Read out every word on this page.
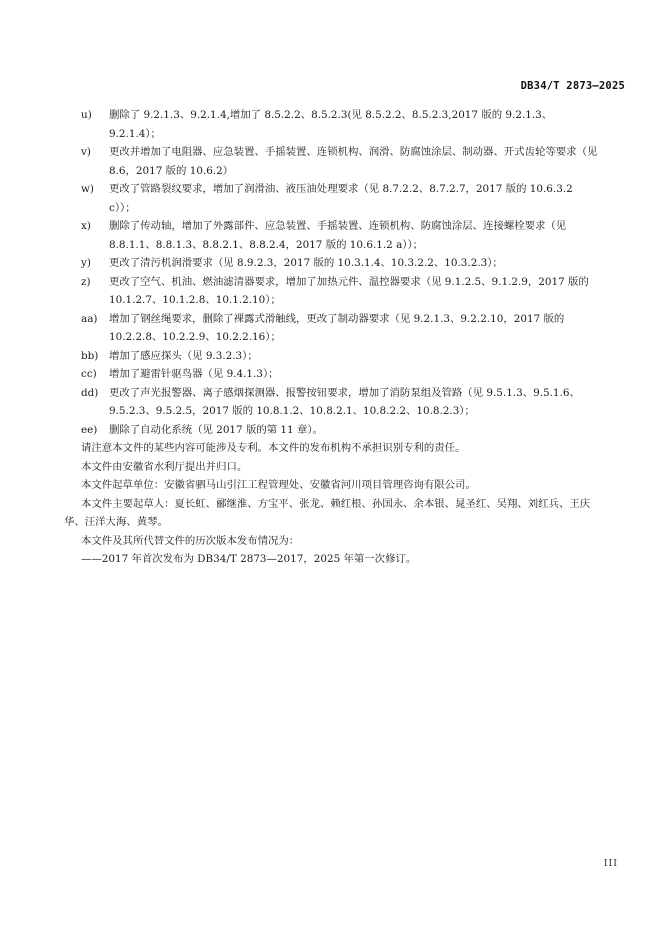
DB34/T 2873—2025
u)	删除了 9.2.1.3、9.2.1.4,增加了 8.5.2.2、8.5.2.3(见 8.5.2.2、8.5.2.3,2017 版的 9.2.1.3、9.2.1.4）；
v)	更改并增加了电阻器、应急装置、手摇装置、连锁机构、润滑、防腐蚀涂层、制动器、开式齿轮等要求（见 8.6，2017 版的 10.6.2）
w)	更改了管路裂纹要求，增加了润滑油、液压油处理要求（见 8.7.2.2、8.7.2.7，2017 版的 10.6.3.2 c））；
x)	删除了传动轴，增加了外露部件、应急装置、手摇装置、连锁机构、防腐蚀涂层、连接螺栓要求（见 8.8.1.1、8.8.1.3、8.8.2.1、8.8.2.4，2017 版的 10.6.1.2 a））；
y)	更改了清污机润滑要求（见 8.9.2.3，2017 版的 10.3.1.4、10.3.2.2、10.3.2.3）；
z)	更改了空气、机油、燃油滤清器要求，增加了加热元件、温控器要求（见 9.1.2.5、9.1.2.9，2017 版的 10.1.2.7、10.1.2.8、10.1.2.10）；
aa)	增加了钢丝绳要求，删除了裸露式滑触线，更改了制动器要求（见 9.2.1.3、9.2.2.10，2017 版的 10.2.2.8、10.2.2.9、10.2.2.16）；
bb)	增加了感应探头（见 9.3.2.3）；
cc)	增加了避雷针驱鸟器（见 9.4.1.3）；
dd)	更改了声光报警器、离子感烟探测器、报警按钮要求，增加了消防泵组及管路（见 9.5.1.3、9.5.1.6、9.5.2.3、9.5.2.5，2017 版的 10.8.1.2、10.8.2.1、10.8.2.2、10.8.2.3）；
ee)	删除了自动化系统（见 2017 版的第 11 章）。

请注意本文件的某些内容可能涉及专利。本文件的发布机构不承担识别专利的责任。

本文件由安徽省水利厅提出并归口。

本文件起草单位：安徽省驷马山引江工程管理处、安徽省河川项目管理咨询有限公司。

本文件主要起草人：夏长虹、郦继淮、方宝平、张龙、赖红根、孙国永、余本银、晁圣红、吴翔、刘红兵、王庆华、汪洋大海、黄琴。

本文件及其所代替文件的历次版本发布情况为：

——2017 年首次发布为 DB34/T 2873—2017，2025 年第一次修订。

III
